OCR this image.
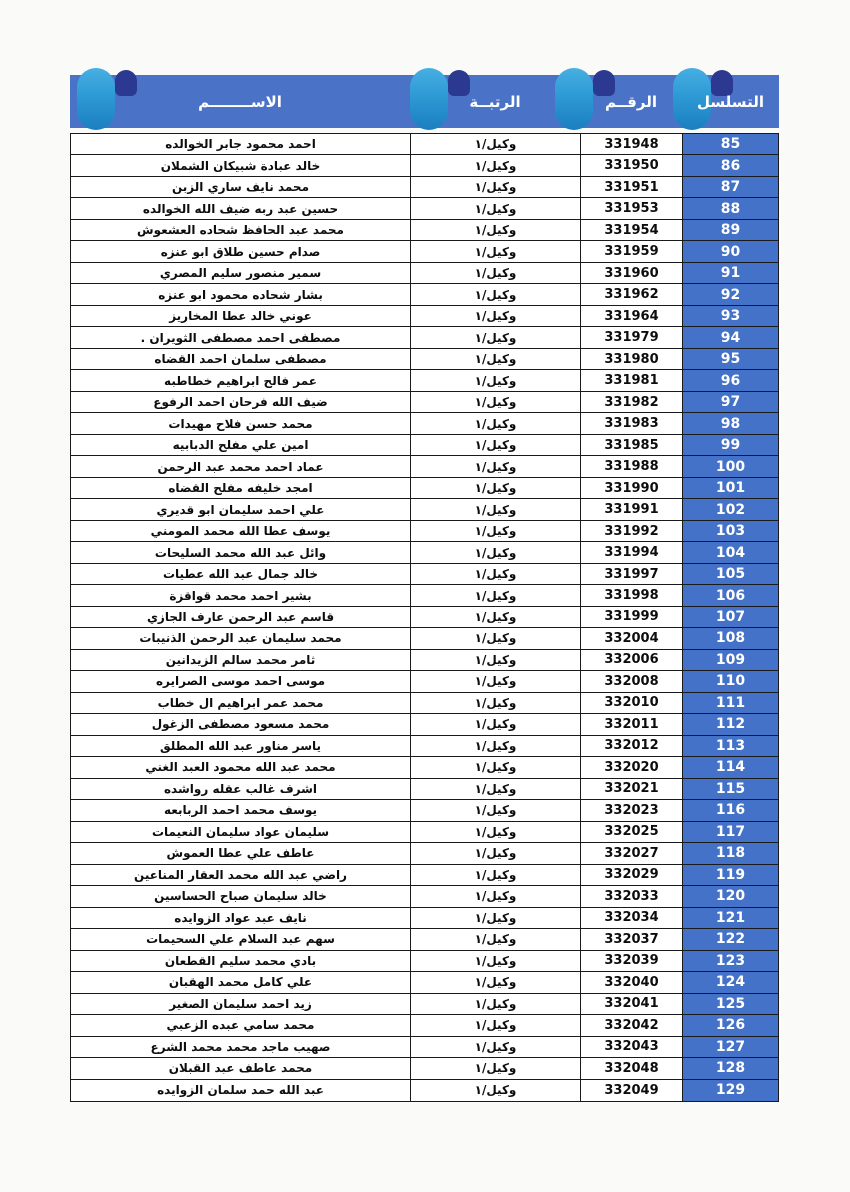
الاســــــــم	الرتبــة	الرقــم	التسلسل
احمد محمود جابر الخوالده	وكيل/١	331948	85
خالد عبادة شبيكان الشملان	وكيل/١	331950	86
محمد نايف ساري الزبن	وكيل/١	331951	87
حسين عبد ربه ضيف الله الخوالده	وكيل/١	331953	88
محمد عبد الحافظ شحاده العشعوش	وكيل/١	331954	89
صدام حسين طلاق ابو عنزه	وكيل/١	331959	90
سمير منصور سليم المصري	وكيل/١	331960	91
بشار شحاده محمود ابو عنزه	وكيل/١	331962	92
عوني خالد عطا المخاريز	وكيل/١	331964	93
مصطفى احمد مصطفى الثويران .	وكيل/١	331979	94
مصطفى سلمان احمد القضاه	وكيل/١	331980	95
عمر فالح ابراهيم خطاطبه	وكيل/١	331981	96
ضيف الله فرحان احمد الرفوع	وكيل/١	331982	97
محمد حسن فلاح مهيدات	وكيل/١	331983	98
امين علي مفلح الدبابيه	وكيل/١	331985	99
عماد احمد محمد عبد الرحمن	وكيل/١	331988	100
امجد خليفه مفلح القضاه	وكيل/١	331990	101
علي احمد سليمان ابو قديري	وكيل/١	331991	102
يوسف عطا الله محمد المومني	وكيل/١	331992	103
وائل عبد الله محمد السليحات	وكيل/١	331994	104
خالد جمال عبد الله عطيات	وكيل/١	331997	105
بشير احمد محمد قواقزة	وكيل/١	331998	106
قاسم عبد الرحمن عارف الجازي	وكيل/١	331999	107
محمد سليمان عبد الرحمن الذنيبات	وكيل/١	332004	108
ثامر محمد سالم الزيدانين	وكيل/١	332006	109
موسى احمد موسى الصرايره	وكيل/١	332008	110
محمد عمر ابراهيم ال خطاب	وكيل/١	332010	111
محمد مسعود مصطفى الزغول	وكيل/١	332011	112
ياسر مناور عبد الله المطلق	وكيل/١	332012	113
محمد عبد الله محمود العبد الغني	وكيل/١	332020	114
اشرف غالب عقله رواشده	وكيل/١	332021	115
يوسف محمد احمد الربابعه	وكيل/١	332023	116
سليمان عواد سليمان النعيمات	وكيل/١	332025	117
عاطف علي عطا العموش	وكيل/١	332027	118
راضي عبد الله محمد العقار المناعين	وكيل/١	332029	119
خالد سليمان صباح الحساسين	وكيل/١	332033	120
نايف عبد عواد الزوايده	وكيل/١	332034	121
سهم عبد السلام علي السحيمات	وكيل/١	332037	122
بادي محمد سليم القطعان	وكيل/١	332039	123
علي كامل محمد الهقبان	وكيل/١	332040	124
زيد احمد سليمان الصغير	وكيل/١	332041	125
محمد سامي عبده الزعبي	وكيل/١	332042	126
صهيب ماجد محمد محمد الشرع	وكيل/١	332043	127
محمد عاطف عبد القبلان	وكيل/١	332048	128
عبد الله حمد سلمان الزوايده	وكيل/١	332049	129
